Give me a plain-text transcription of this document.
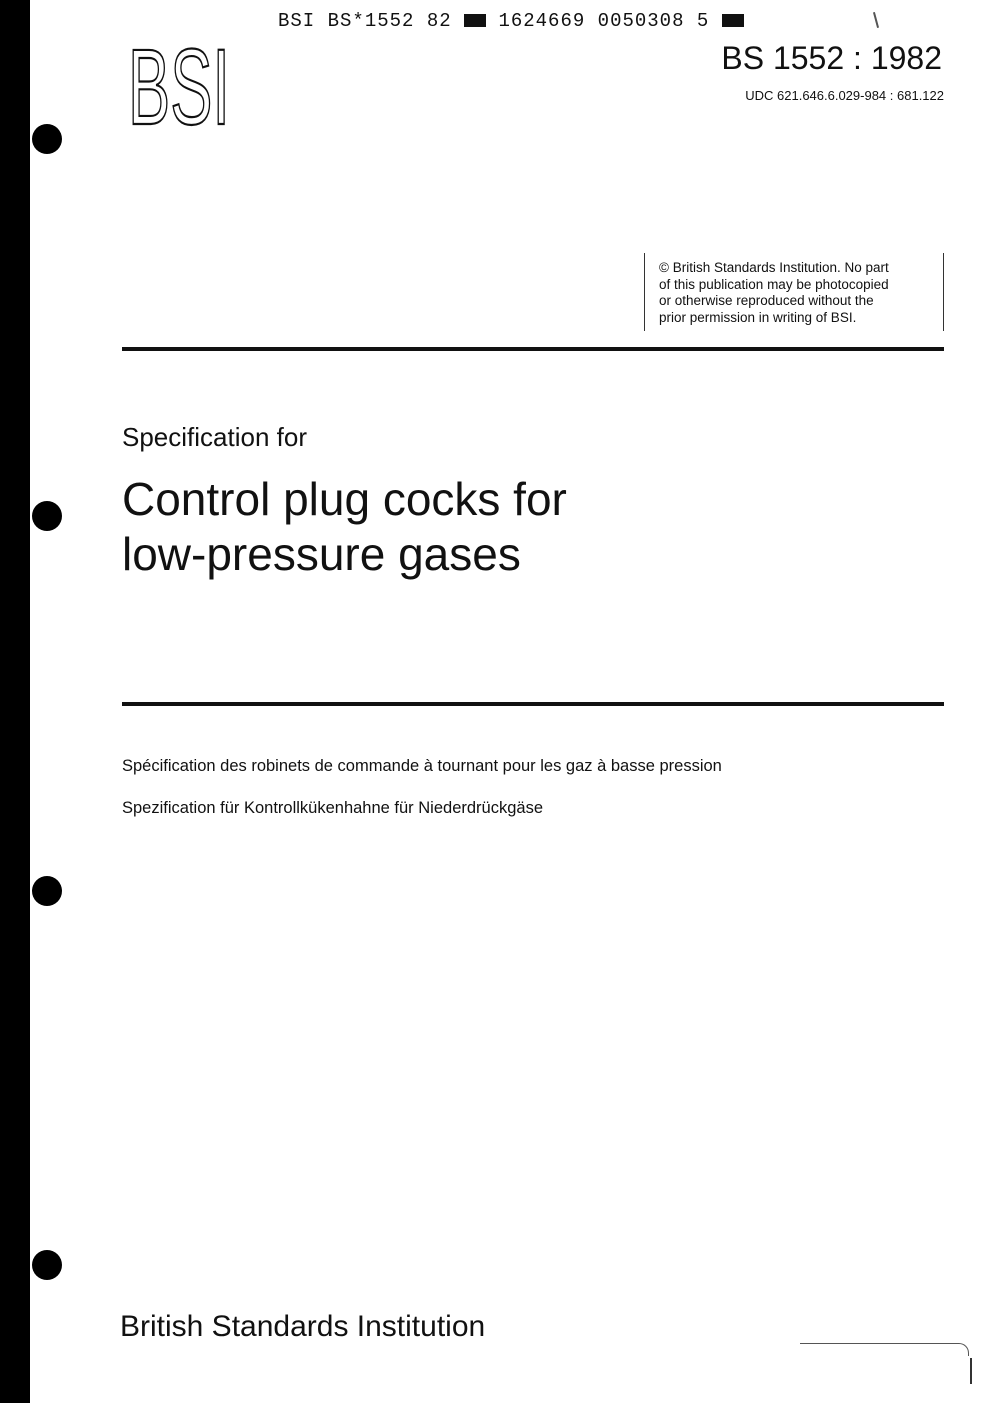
BSI BS*1552 82 1624669 0050308 5
BSI	BS 1552 : 1982
UDC 621.646.6.029-984 : 681.122
© British Standards Institution. No part
of this publication may be photocopied
or otherwise reproduced without the
prior permission in writing of BSI.
Specification for
Control plug cocks for
low-pressure gases
Spécification des robinets de commande à tournant pour les gaz à basse pression
Spezification für Kontrollkükenhahne für Niederdrückgäse
British Standards Institution
